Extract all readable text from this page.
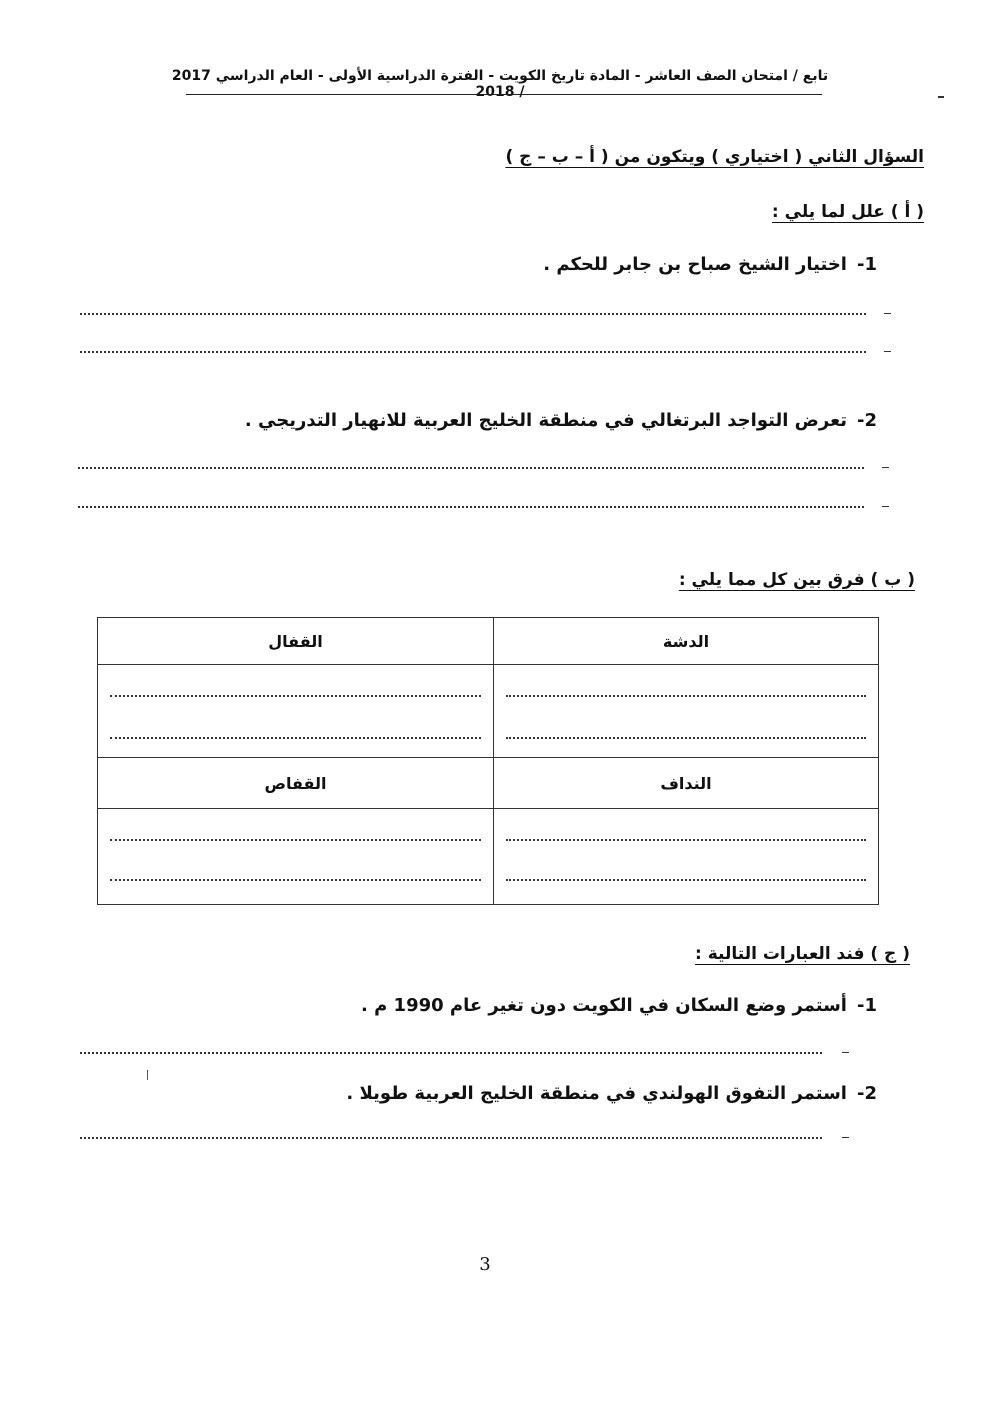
تابع / امتحان الصف العاشر - المادة تاريخ الكويت - الفترة الدراسية الأولى - العام الدراسي 2017 / 2018
السؤال الثاني ( اختياري ) ويتكون من ( أ – ب – ج )
( أ ) علل لما يلي :
1-
اختيار الشيخ صباح بن جابر للحكم .
2-
تعرض التواجد البرتغالي في منطقة الخليج العربية للانهيار التدريجي .
( ب ) فرق بين كل مما يلي :
القفال	الدشة

القفاص	النداف

( ج ) فند العبارات التالية :
1-
أستمر وضع السكان في الكويت دون تغير عام 1990 م .
2-
استمر التفوق الهولندي في منطقة الخليج العربية طويلا .
3
